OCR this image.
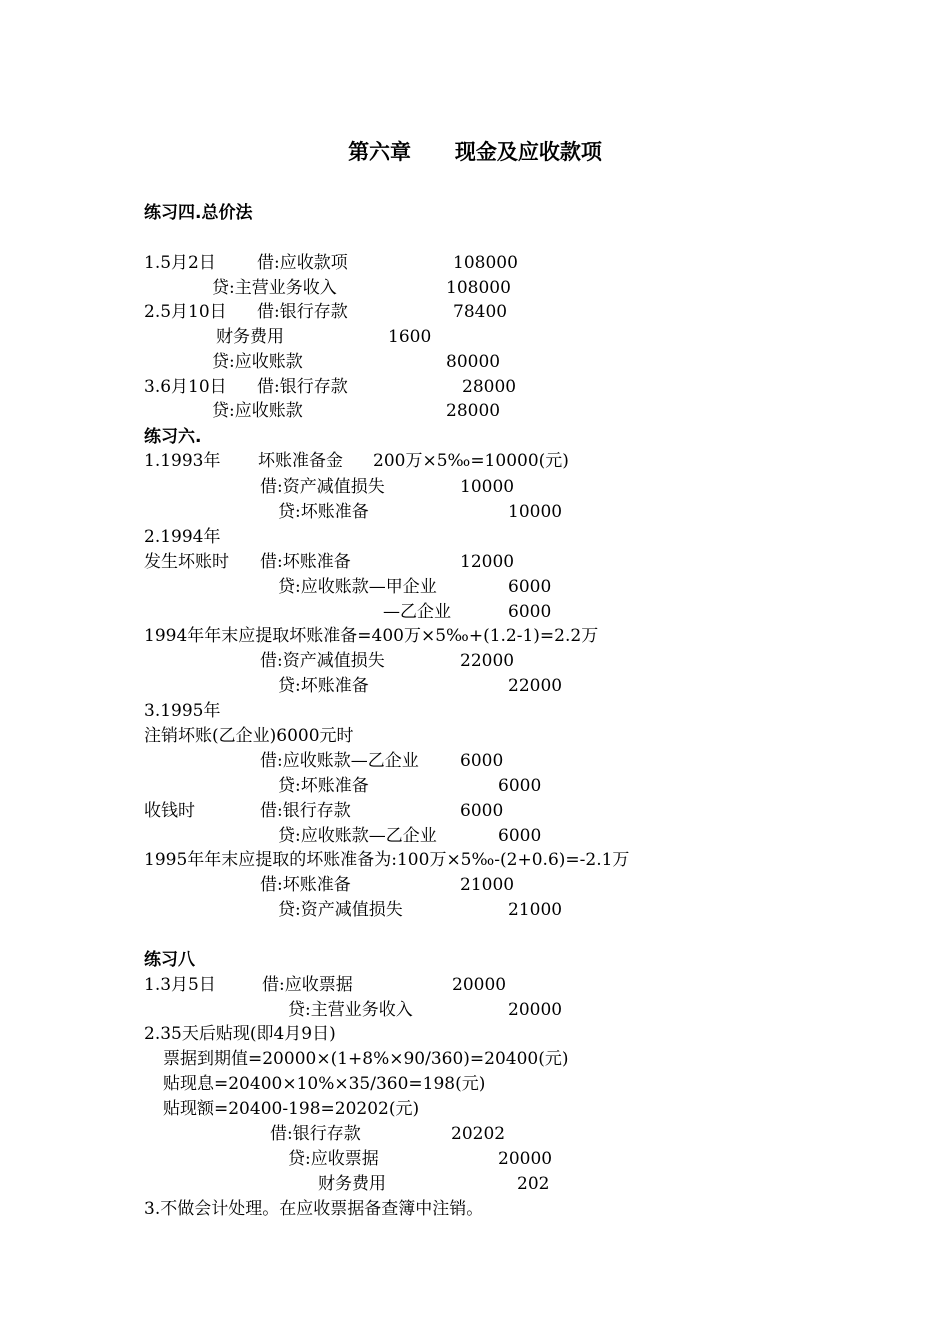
第六章      现金及应收款项
练习四.总价法
1.5月2日 借:应收款项	108000
贷:主营业务收入	108000
2.5月10日 借:银行存款	78400
财务费用	1600
贷:应收账款	80000
3.6月10日 借:银行存款	28000
贷:应收账款	28000
练习六.
1.1993年 坏账准备金 200万×5‰=10000(元)
借:资产减值损失	10000
贷:坏账准备	10000
2.1994年
发生坏账时 借:坏账准备	12000
贷:应收账款—甲企业	6000
—乙企业	6000
1994年年末应提取坏账准备=400万×5‰+(1.2-1)=2.2万
借:资产减值损失	22000
贷:坏账准备	22000
3.1995年
注销坏账(乙企业)6000元时
借:应收账款—乙企业 6000
贷:坏账准备	6000
收钱时	借:银行存款	6000
贷:应收账款—乙企业	6000
1995年年末应提取的坏账准备为:100万×5‰-(2+0.6)=-2.1万
借:坏账准备	21000
贷:资产减值损失	21000
练习八
1.3月5日	借:应收票据	20000
贷:主营业务收入	20000
2.35天后贴现(即4月9日)
票据到期值=20000×(1+8%×90/360)=20400(元)
贴现息=20400×10%×35/360=198(元)
贴现额=20400-198=20202(元)
借:银行存款	20202
贷:应收票据	20000
财务费用	202
3.不做会计处理。在应收票据备查簿中注销。
